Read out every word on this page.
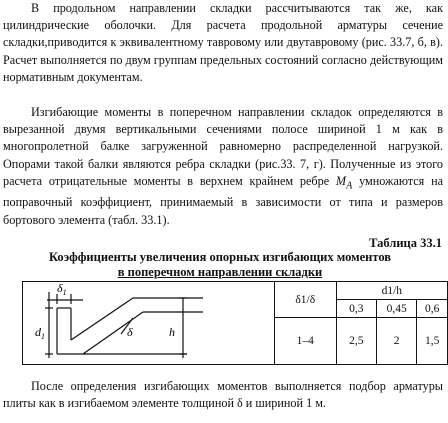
В продольном направлении складки рассчитываются так же, как цилиндрические оболочки. Для расчета продольной арматуры сечение складки,приводится к эквивалентному тавровому или двутавровому (рис. 33.7, б, в). Расчет выполняется по двум группам предельных состояний согласно действующим нормативным документам.

Изгибающие моменты в поперечном направлении складок определяются в вырезанной двумя вертикальными сечениями полосе шириной 1 м как в многопролетной балке загруженной равномерно распределенной нагрузкой. Опорами такой балки являются ребра складки (рис.33. 7, г). Полученные из этого расчета отрицательные моменты в верхнем крайнем ребре $M_A$ умножаются на поправочный коэффициент, принимаемый в зависимости от типа и размеров бортового элемента (табл. 33.1).

Таблица 33.1
Коэффициенты увеличения опорных изгибающих моментов
в поперечном направлении складки
$\delta_1$
$d_1$ δ h	δ1/δ	d1/h		
		0,3	0,45	0,6
	1–4	2,5	2	1,5

После определения изгибающих моментов выполняется подбор арматуры плиты как в изгибаемом элементе толщиной δ и шириной 1 м.
